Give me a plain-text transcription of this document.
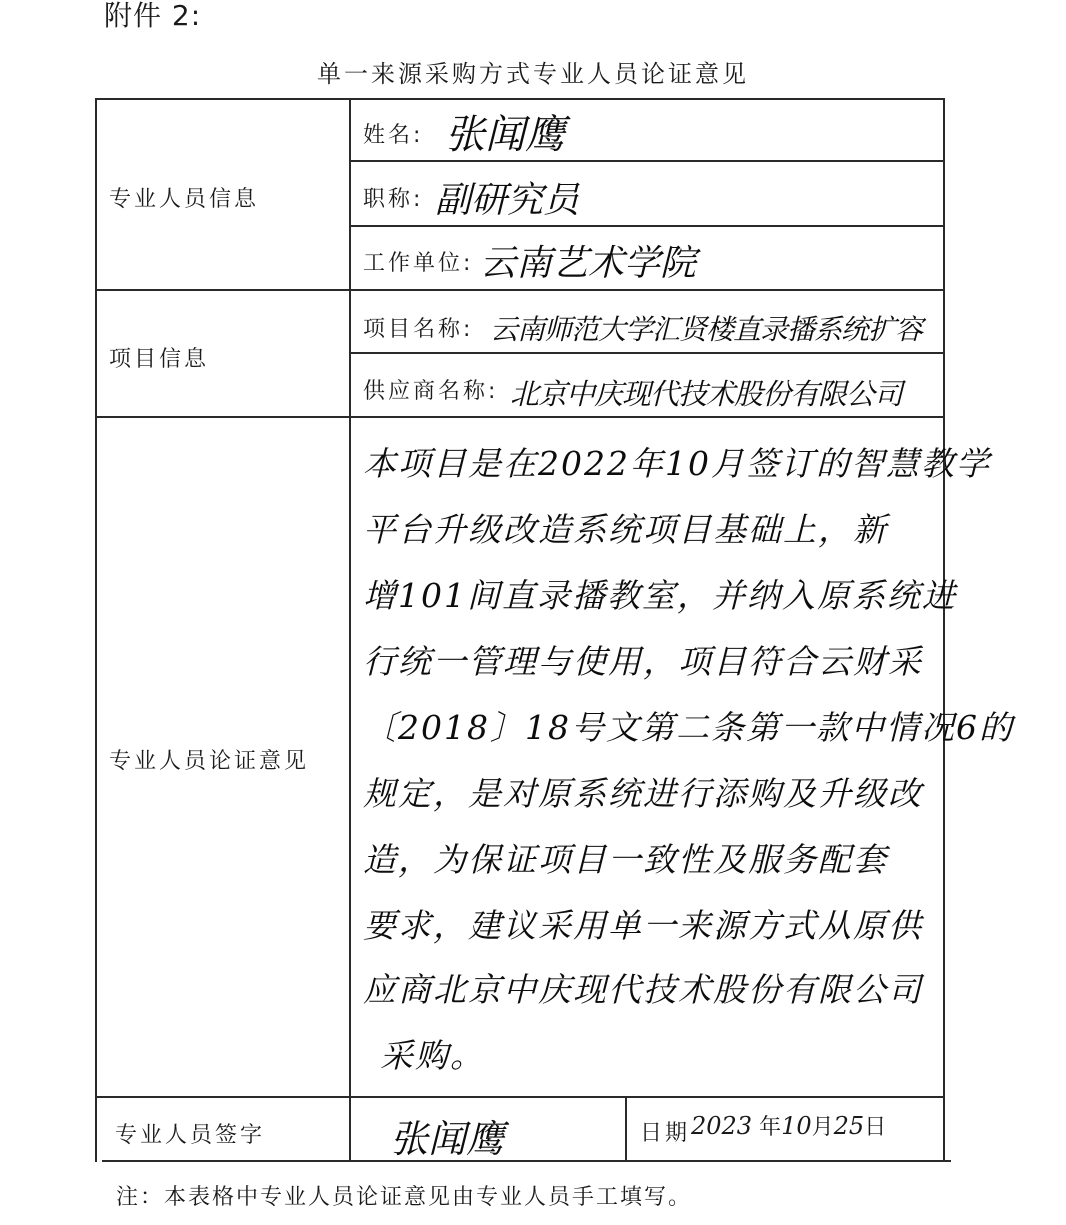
附件 2:
单一来源采购方式专业人员论证意见
专业人员信息
姓名: 张闻鹰
职称: 副研究员
工作单位: 云南艺术学院
项目信息
项目名称: 云南师范大学汇贤楼直录播系统扩容
供应商名称: 北京中庆现代技术股份有限公司
专业人员论证意见
本项目是在2022年10月签订的智慧教学
平台升级改造系统项目基础上，新
增101间直录播教室，并纳入原系统进
行统一管理与使用，项目符合云财采
〔2018〕18号文第二条第一款中情况6的
规定，是对原系统进行添购及升级改
造，为保证项目一致性及服务配套
要求，建议采用单一来源方式从原供
应商北京中庆现代技术股份有限公司
采购。
专业人员签字	张闻鹰	日期 2023 年10月25日
注：本表格中专业人员论证意见由专业人员手工填写。
